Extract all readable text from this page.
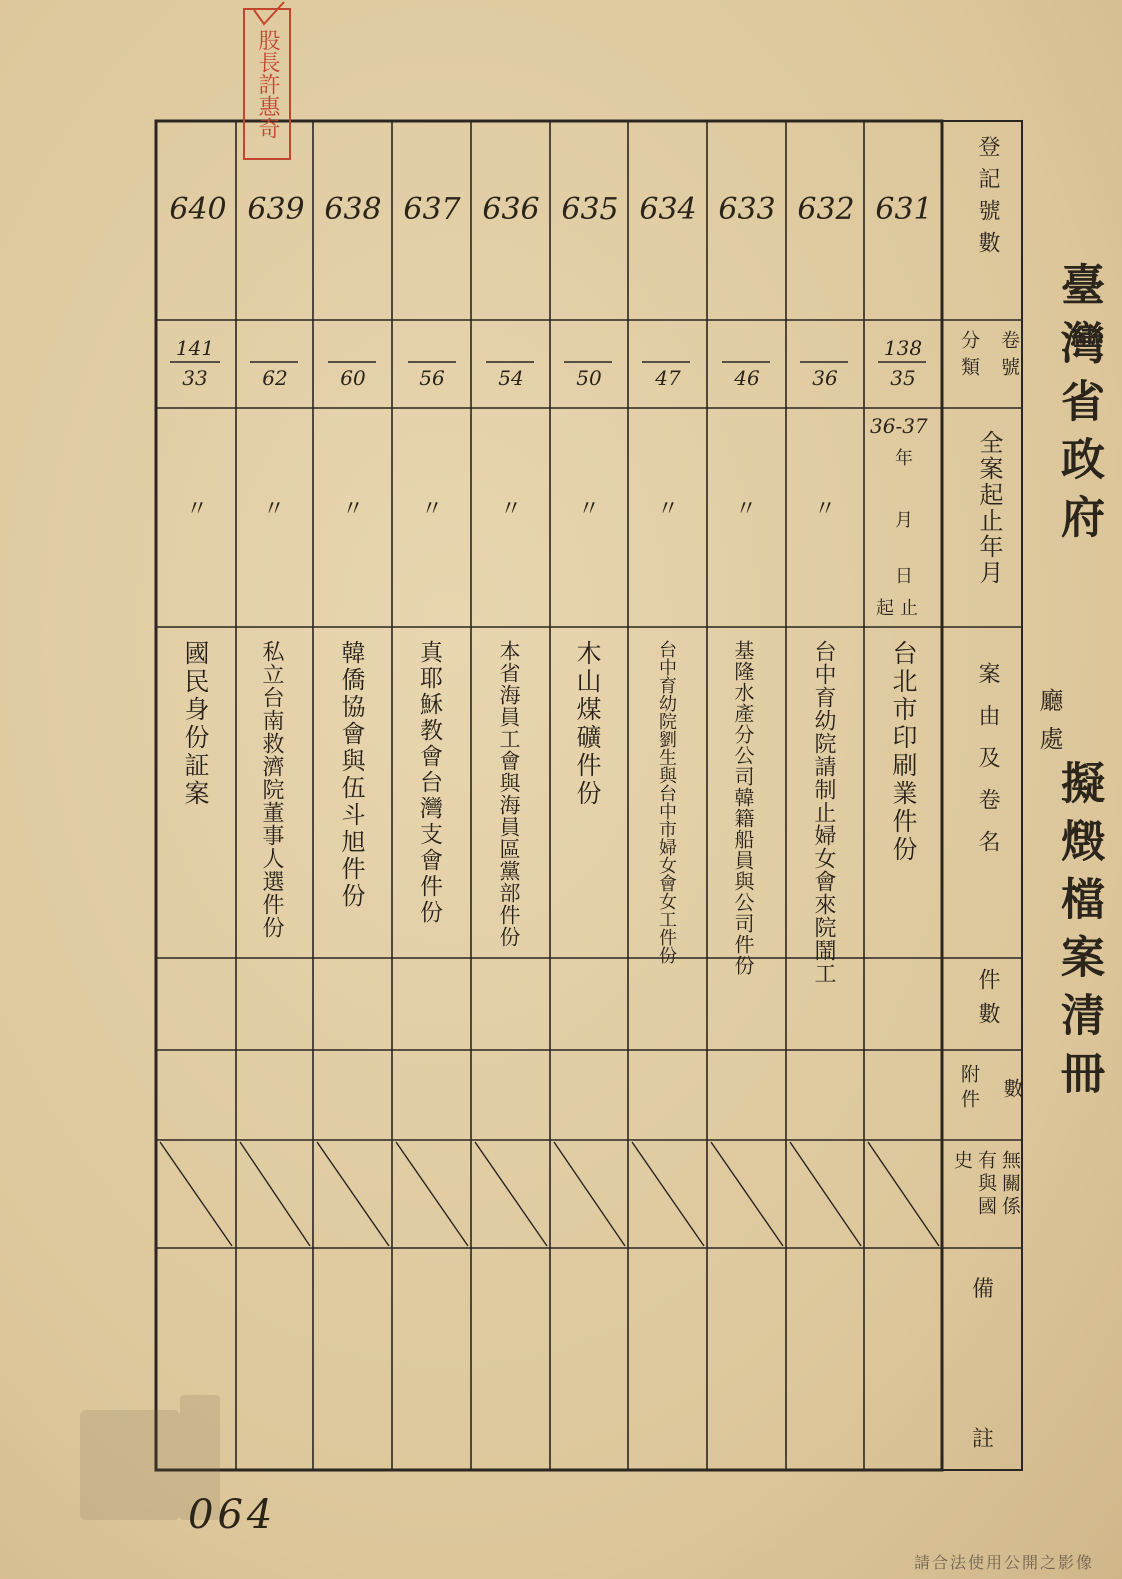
臺灣省政府
廳處
擬燬檔案清冊
股長許惠奇
登記號數
卷號
分類
全案起止年月
案由及卷名
件數
數
附件
無關係有與國史
備
註
631
138
35
36-37
年
月
日
起止
台北市印刷業件份
632
36
〃
台中育幼院請制止婦女會來院鬧工
633
46
〃
基隆水產分公司韓籍船員與公司件份
634
47
〃
台中育幼院劉生與台中市婦女會女工件份
635
50
〃
木山煤礦件份
636
54
〃
本省海員工會與海員區黨部件份
637
56
〃
真耶穌教會台灣支會件份
638
60
〃
韓僑協會與伍斗旭件份
639
62
〃
私立台南救濟院董事人選件份
640
141
33
〃
國民身份証案
064
請合法使用公開之影像
